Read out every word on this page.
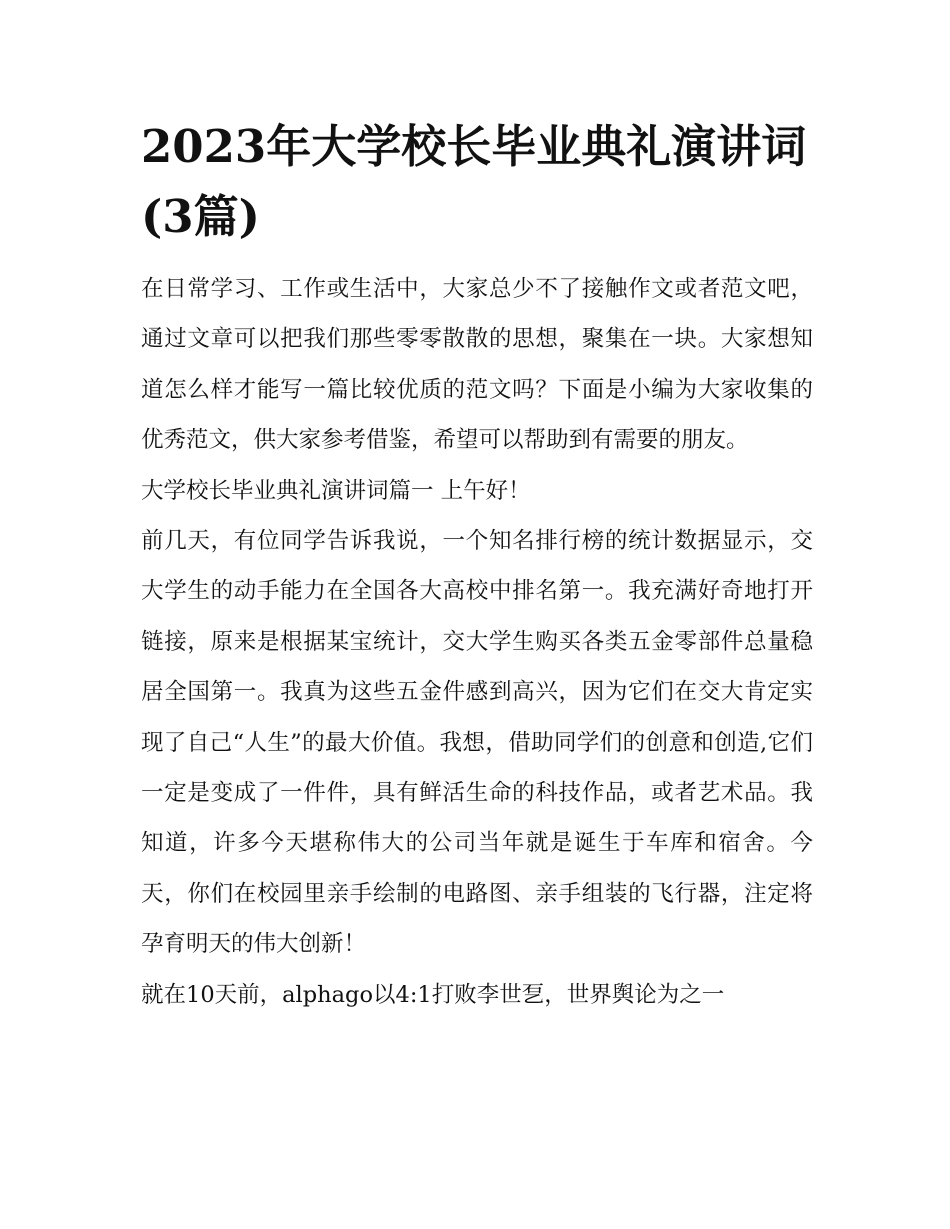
2023年大学校长毕业典礼演讲词(3篇)

在日常学习、工作或生活中，大家总少不了接触作文或者范文吧，通过文章可以把我们那些零零散散的思想，聚集在一块。大家想知道怎么样才能写一篇比较优质的范文吗？下面是小编为大家收集的优秀范文，供大家参考借鉴，希望可以帮助到有需要的朋友。

大学校长毕业典礼演讲词篇一 上午好！

前几天，有位同学告诉我说，一个知名排行榜的统计数据显示，交大学生的动手能力在全国各大高校中排名第一。我充满好奇地打开链接，原来是根据某宝统计，交大学生购买各类五金零部件总量稳居全国第一。我真为这些五金件感到高兴，因为它们在交大肯定实现了自己“人生”的最大价值。我想，借助同学们的创意和创造,它们一定是变成了一件件，具有鲜活生命的科技作品，或者艺术品。我知道，许多今天堪称伟大的公司当年就是诞生于车库和宿舍。今天，你们在校园里亲手绘制的电路图、亲手组装的飞行器，注定将孕育明天的伟大创新！

就在10天前，alphago以4:1打败李世乭，世界舆论为之一
